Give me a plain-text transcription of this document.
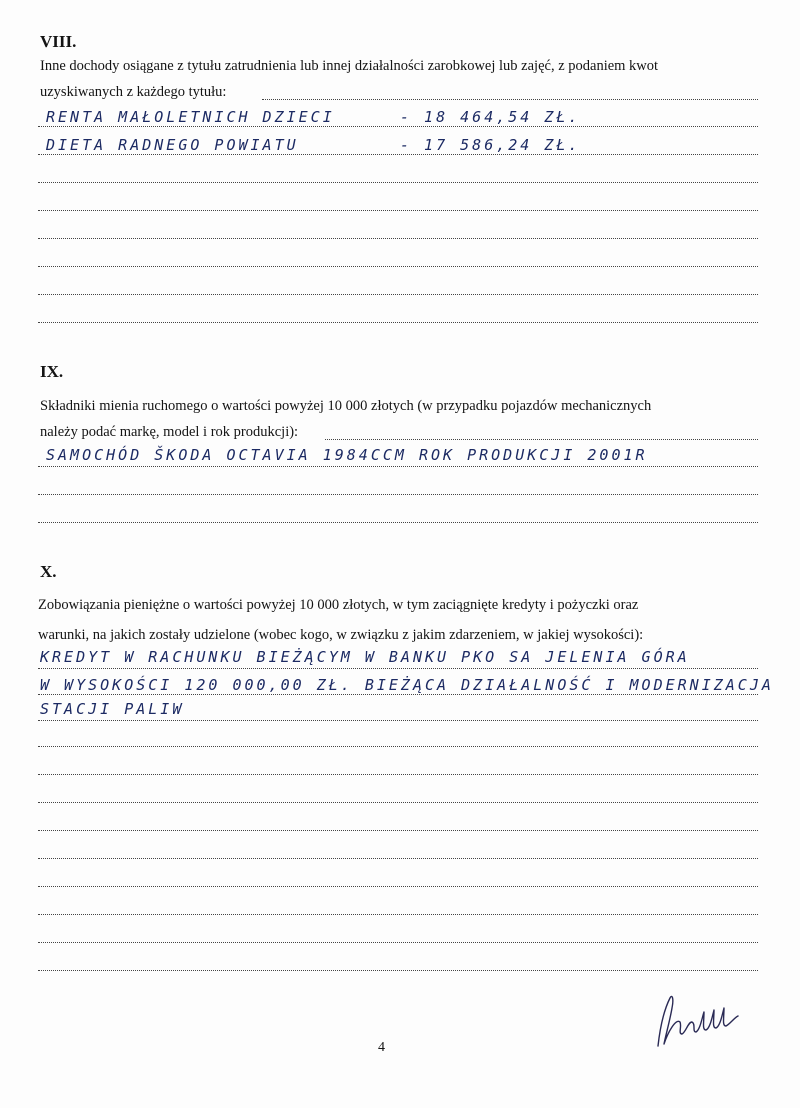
VIII.
Inne dochody osiągane z tytułu zatrudnienia lub innej działalności zarobkowej lub zajęć, z podaniem kwot
uzyskiwanych z każdego tytułu:
RENTA MAŁOLETNICH DZIECI	- 18 464,54 ZŁ.
DIETA RADNEGO POWIATU	- 17 586,24 ZŁ.
IX.
Składniki mienia ruchomego o wartości powyżej 10 000 złotych (w przypadku pojazdów mechanicznych
należy podać markę, model i rok produkcji):
SAMOCHÓD ŠKODA OCTAVIA 1984CCM ROK PRODUKCJI 2001R
X.
Zobowiązania pieniężne o wartości powyżej 10 000 złotych, w tym zaciągnięte kredyty i pożyczki oraz
warunki, na jakich zostały udzielone (wobec kogo, w związku z jakim zdarzeniem, w jakiej wysokości):
KREDYT W RACHUNKU BIEŻĄCYM W BANKU PKO SA JELENIA GÓRA
W WYSOKOŚCI 120 000,00 ZŁ. BIEŻĄCA DZIAŁALNOŚĆ I MODERNIZACJA
STACJI PALIW
4
